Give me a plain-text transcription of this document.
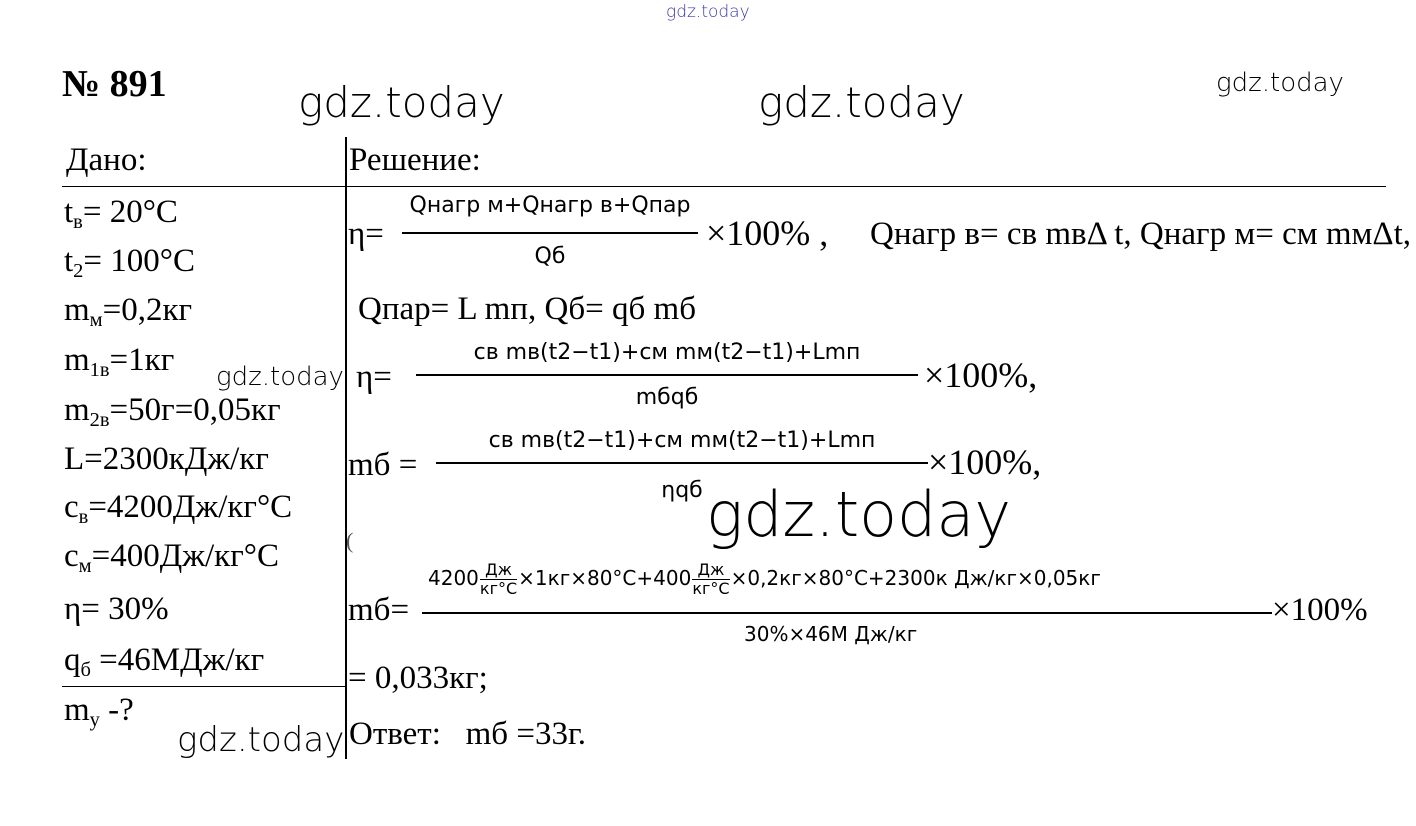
gdz.today
№ 891	gdz.today	gdz.today	gdz.today
gdz.today
gdz.today
gdz.today
Дано:
$t_в= 20^\circ C$
$t_2= 100^\circ C$
$m_м=0,2кг$
$m_{1в}=1кг$
$m_{2в}=50г=0,05кг$
L=2300кДж/кг
$c_в=4200Дж/кг^\circ C$
$c_м=400Дж/кг^\circ C$
η= 30%
$q_б =46МДж/кг$
$m_у$ -?
Решение:
η=
Qнагр м+Qнагр в+Qпар
Qб
×100% , Qнагр в= cв mвΔ t, Qнагр м= cм mмΔt,
Qпар= L mп, Qб= qб mб
η=
cв mв(t2−t1)+cм mм(t2−t1)+Lmп
mбqб
×100%,
mб =
cв mв(t2−t1)+cм mм(t2−t1)+Lmп
ηqб
×100%,
(
mб=
4200 Дж
кг°C ×1кг×80°C+400 Дж
кг°C ×0,2кг×80°C+2300к Дж/кг×0,05кг
30%×46М Дж/кг
×100%
= 0,033кг;
Ответ:   mб =33г.
